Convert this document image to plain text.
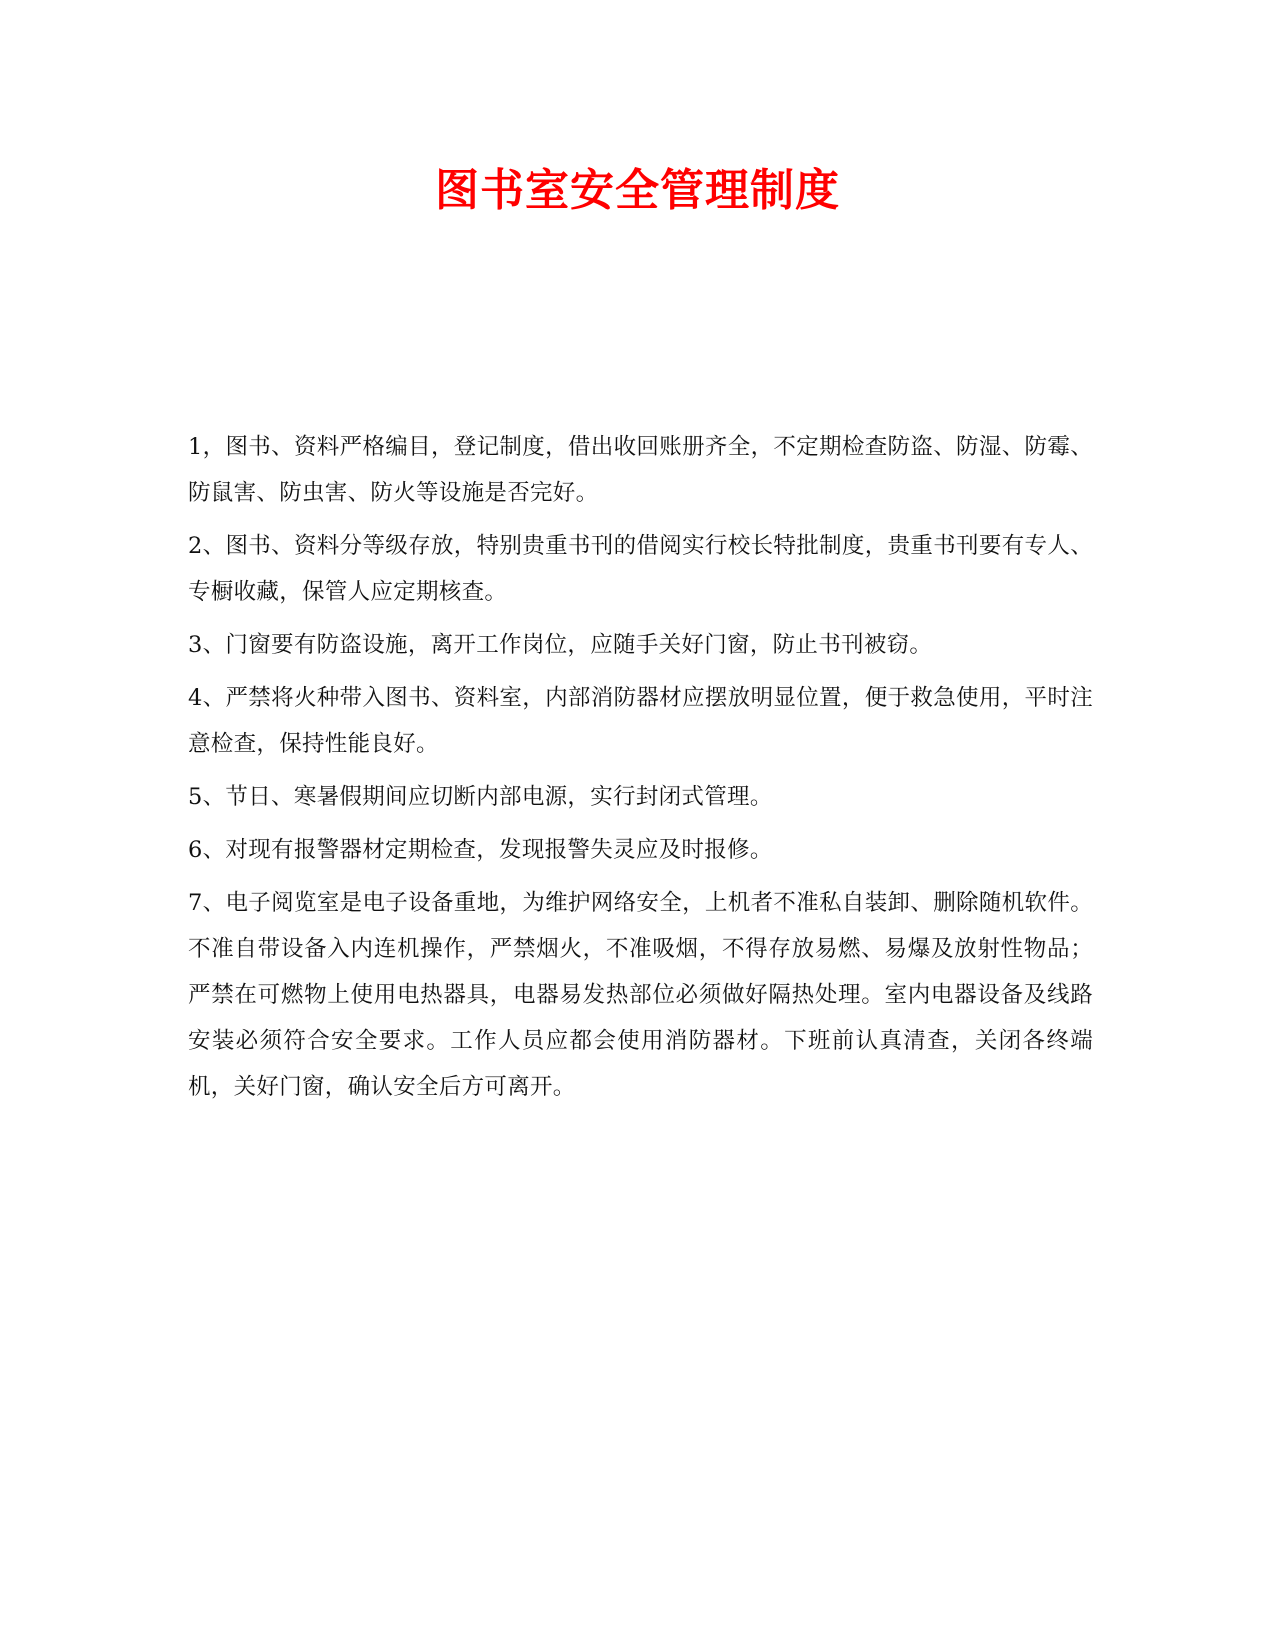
图书室安全管理制度

1，图书、资料严格编目，登记制度，借出收回账册齐全，不定期检查防盗、防湿、防霉、防鼠害、防虫害、防火等设施是否完好。

2、图书、资料分等级存放，特别贵重书刊的借阅实行校长特批制度，贵重书刊要有专人、专橱收藏，保管人应定期核查。

3、门窗要有防盗设施，离开工作岗位，应随手关好门窗，防止书刊被窃。

4、严禁将火种带入图书、资料室，内部消防器材应摆放明显位置，便于救急使用，平时注意检查，保持性能良好。

5、节日、寒暑假期间应切断内部电源，实行封闭式管理。

6、对现有报警器材定期检查，发现报警失灵应及时报修。

7、电子阅览室是电子设备重地，为维护网络安全，上机者不准私自装卸、删除随机软件。不准自带设备入内连机操作，严禁烟火，不准吸烟，不得存放易燃、易爆及放射性物品；严禁在可燃物上使用电热器具，电器易发热部位必须做好隔热处理。室内电器设备及线路安装必须符合安全要求。工作人员应都会使用消防器材。下班前认真清查，关闭各终端机，关好门窗，确认安全后方可离开。
